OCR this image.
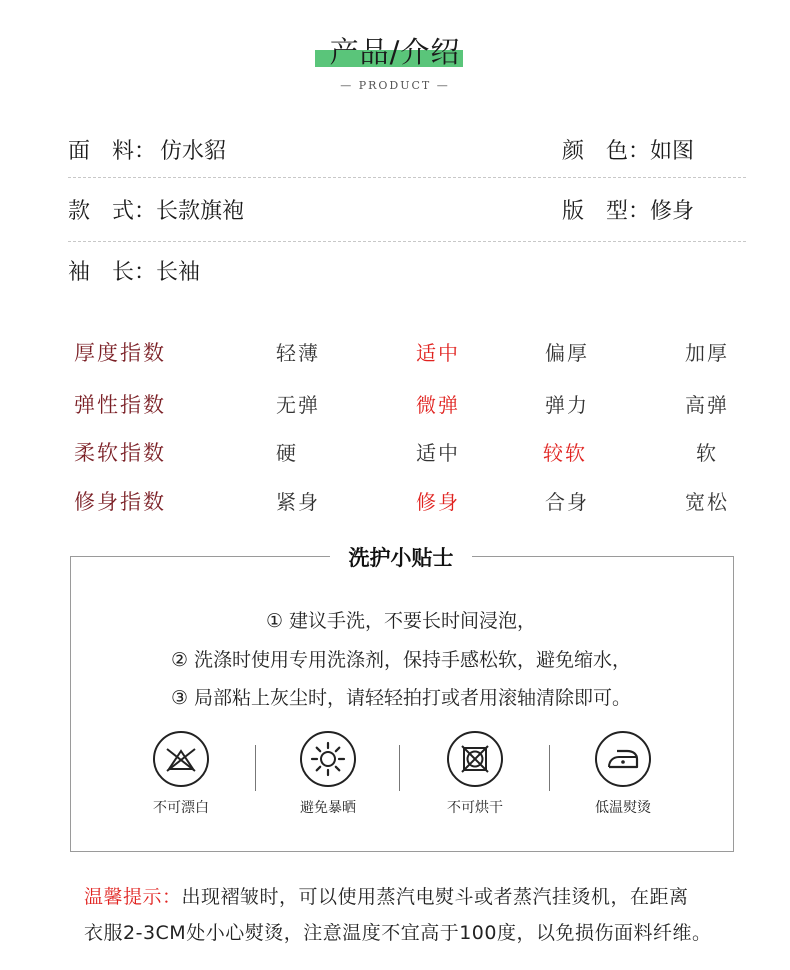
产品/介绍
— PRODUCT —
面　料： 仿水貂	颜　色：如图
款　式：长款旗袍	版　型：修身
袖　长：长袖
厚度指数	轻薄	适中	偏厚	加厚
弹性指数	无弹	微弹	弹力	高弹
柔软指数	硬	适中	较软	软
修身指数	紧身	修身	合身	宽松
洗护小贴士
① 建议手洗，不要长时间浸泡，
② 洗涤时使用专用洗涤剂，保持手感松软，避免缩水，
③ 局部粘上灰尘时，请轻轻拍打或者用滚轴清除即可。
不可漂白	避免暴晒	不可烘干	低温熨烫
温馨提示：出现褶皱时，可以使用蒸汽电熨斗或者蒸汽挂烫机，在距离
衣服2-3CM处小心熨烫，注意温度不宜高于100度，以免损伤面料纤维。
